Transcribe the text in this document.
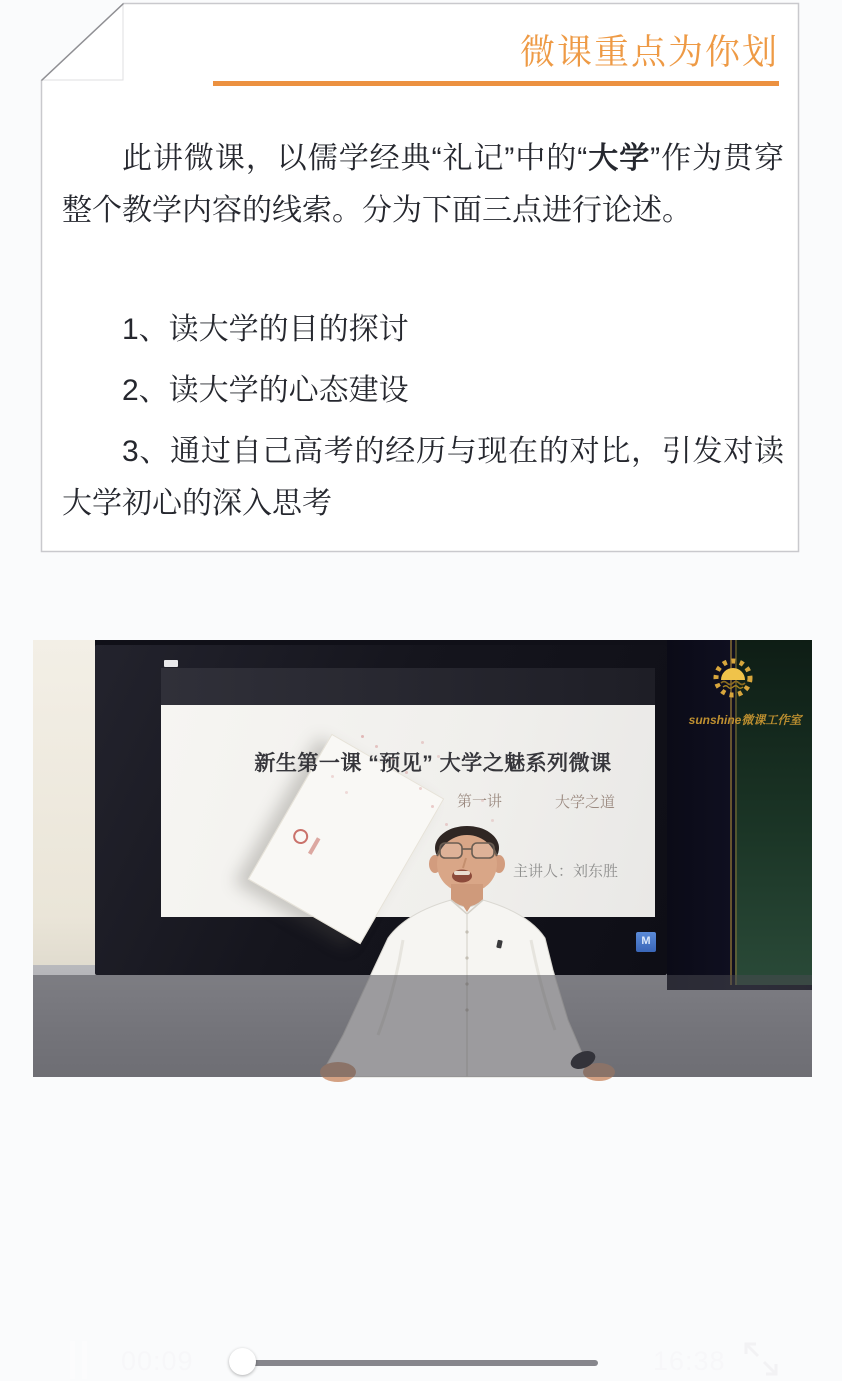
微课重点为你划
此讲微课，以儒学经典“礼记”中的“大学”作为贯穿整个教学内容的线索。分为下面三点进行论述。
1、读大学的目的探讨
2、读大学的心态建设
3、通过自己高考的经历与现在的对比，引发对读大学初心的深入思考
新生第一课 “预见” 大学之魅系列微课
第一讲	大学之道
主讲人：刘东胜
M
sunshine微课工作室
00:09	16:38
